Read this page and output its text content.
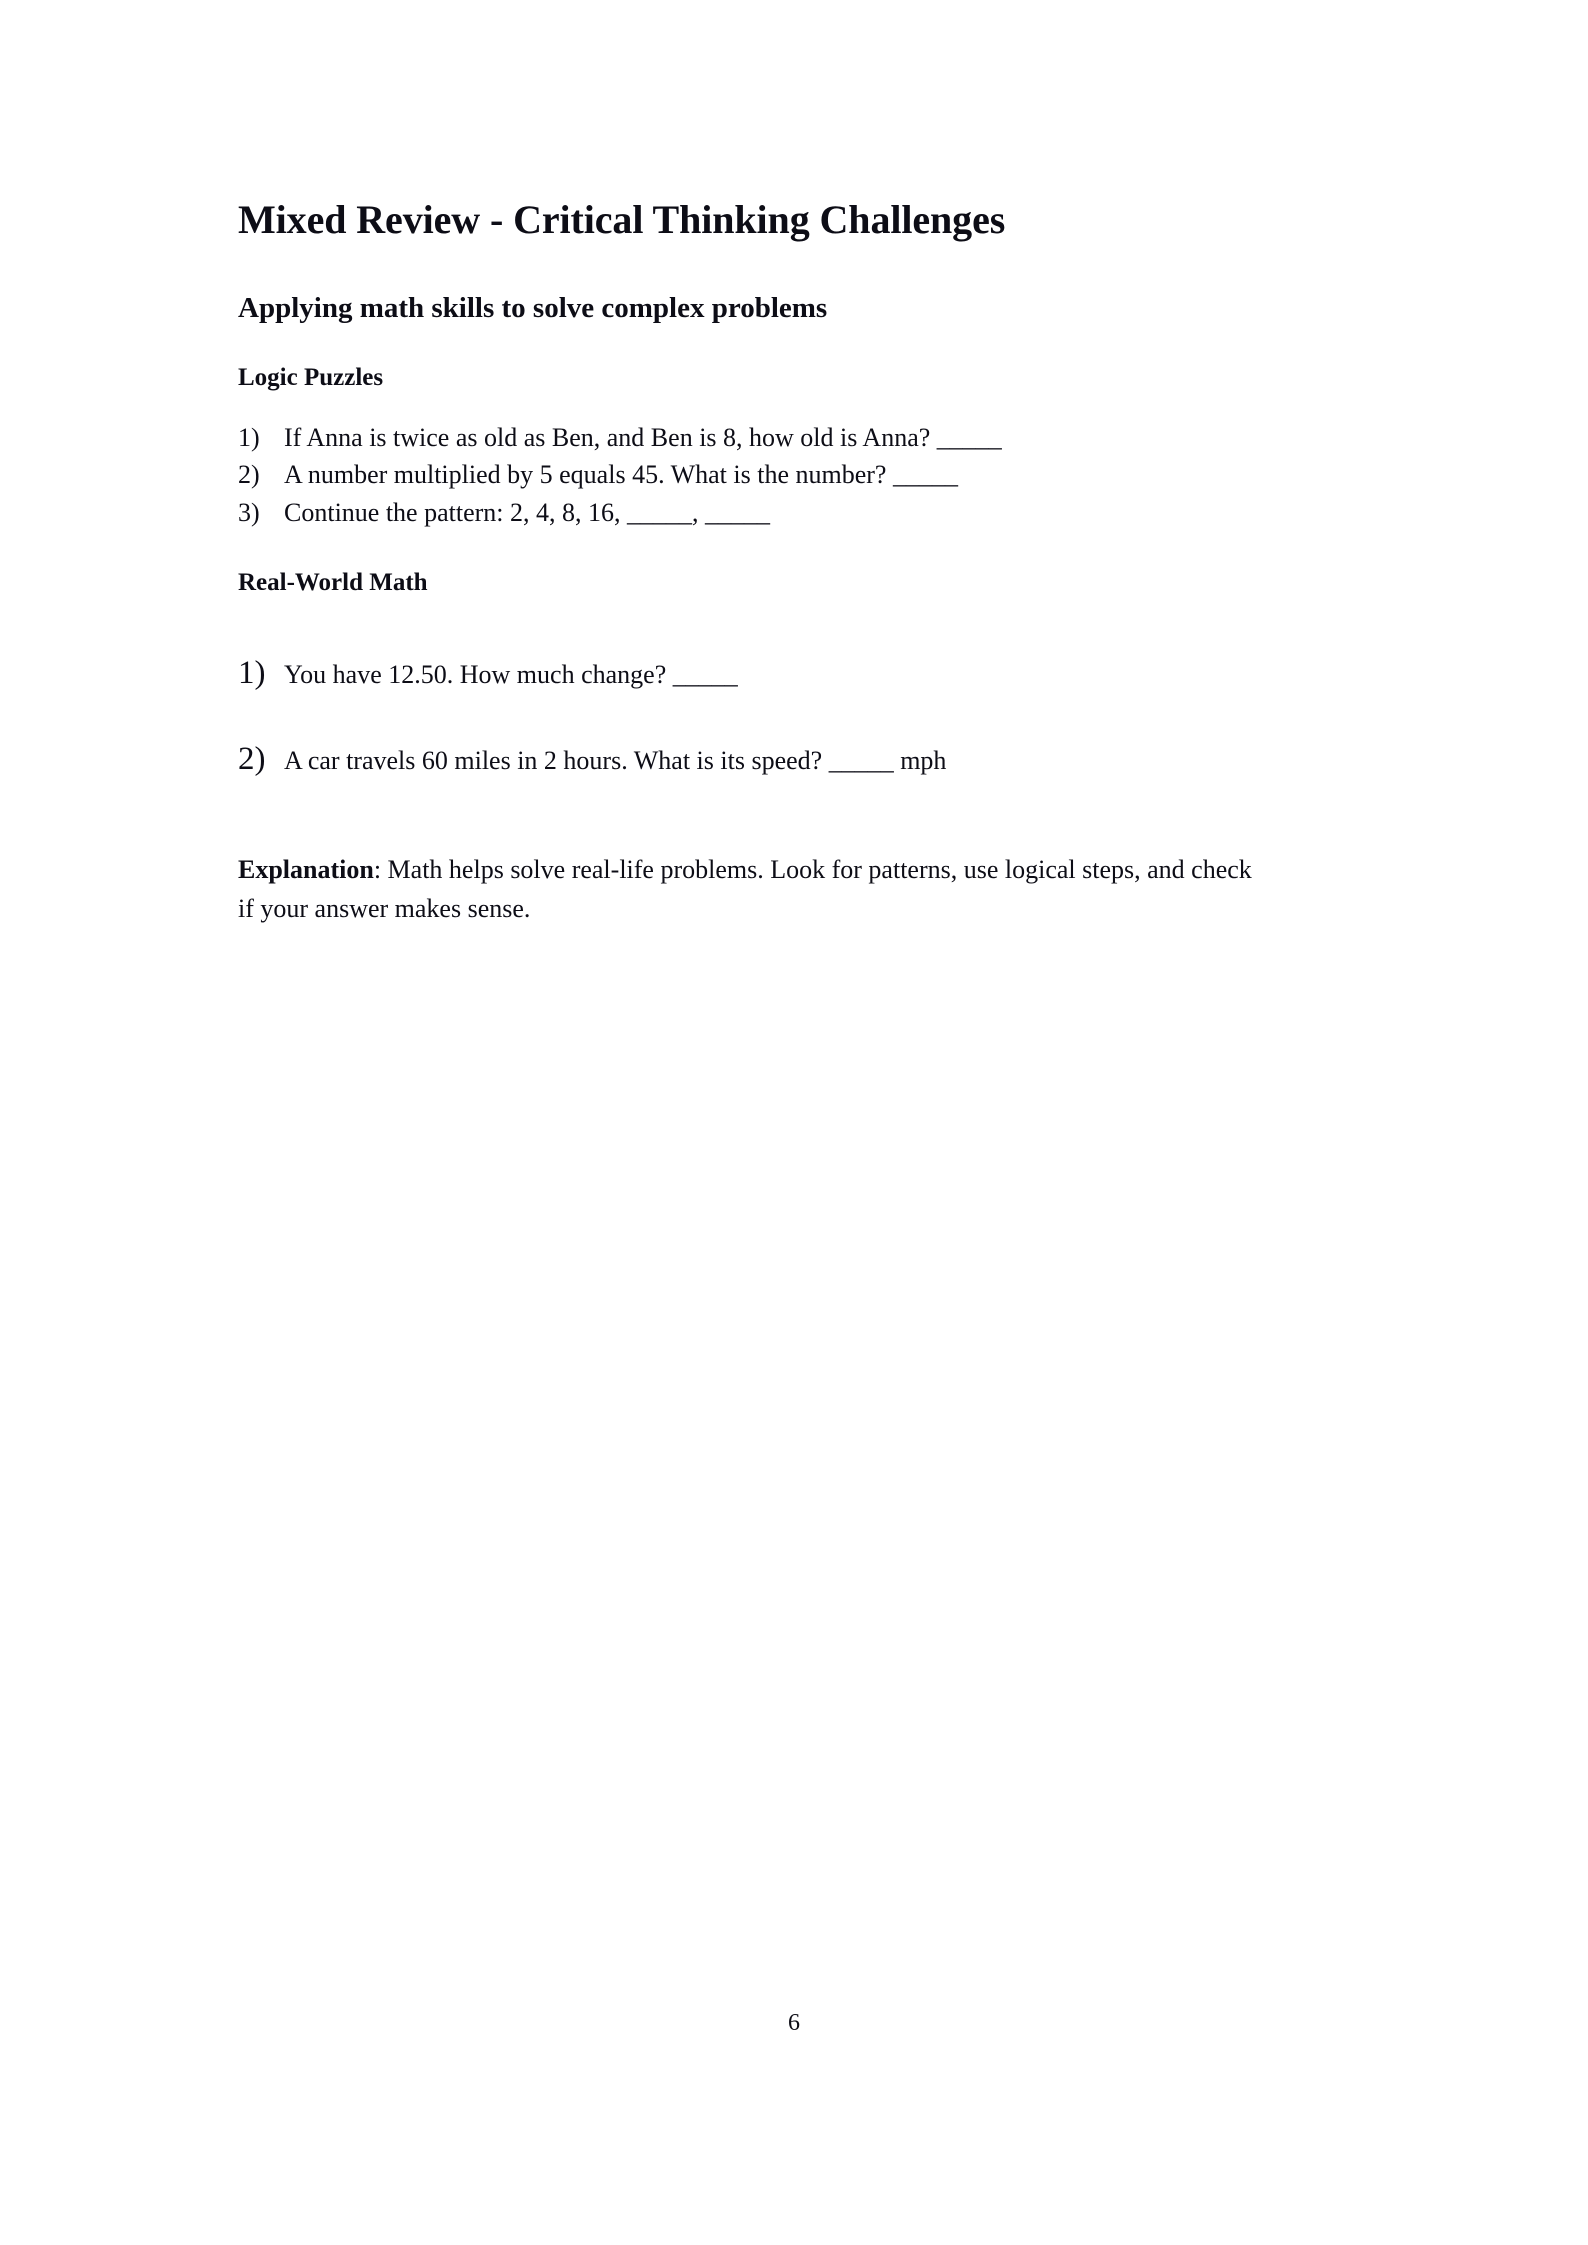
Mixed Review - Critical Thinking Challenges
Applying math skills to solve complex problems
Logic Puzzles
1) If Anna is twice as old as Ben, and Ben is 8, how old is Anna? _____
2) A number multiplied by 5 equals 45. What is the number? _____
3) Continue the pattern: 2, 4, 8, 16, _____, _____
Real-World Math
1) You have 12.50. How much change? _____
2) A car travels 60 miles in 2 hours. What is its speed? _____ mph

Explanation: Math helps solve real-life problems. Look for patterns, use logical steps, and check if your answer makes sense.

6
